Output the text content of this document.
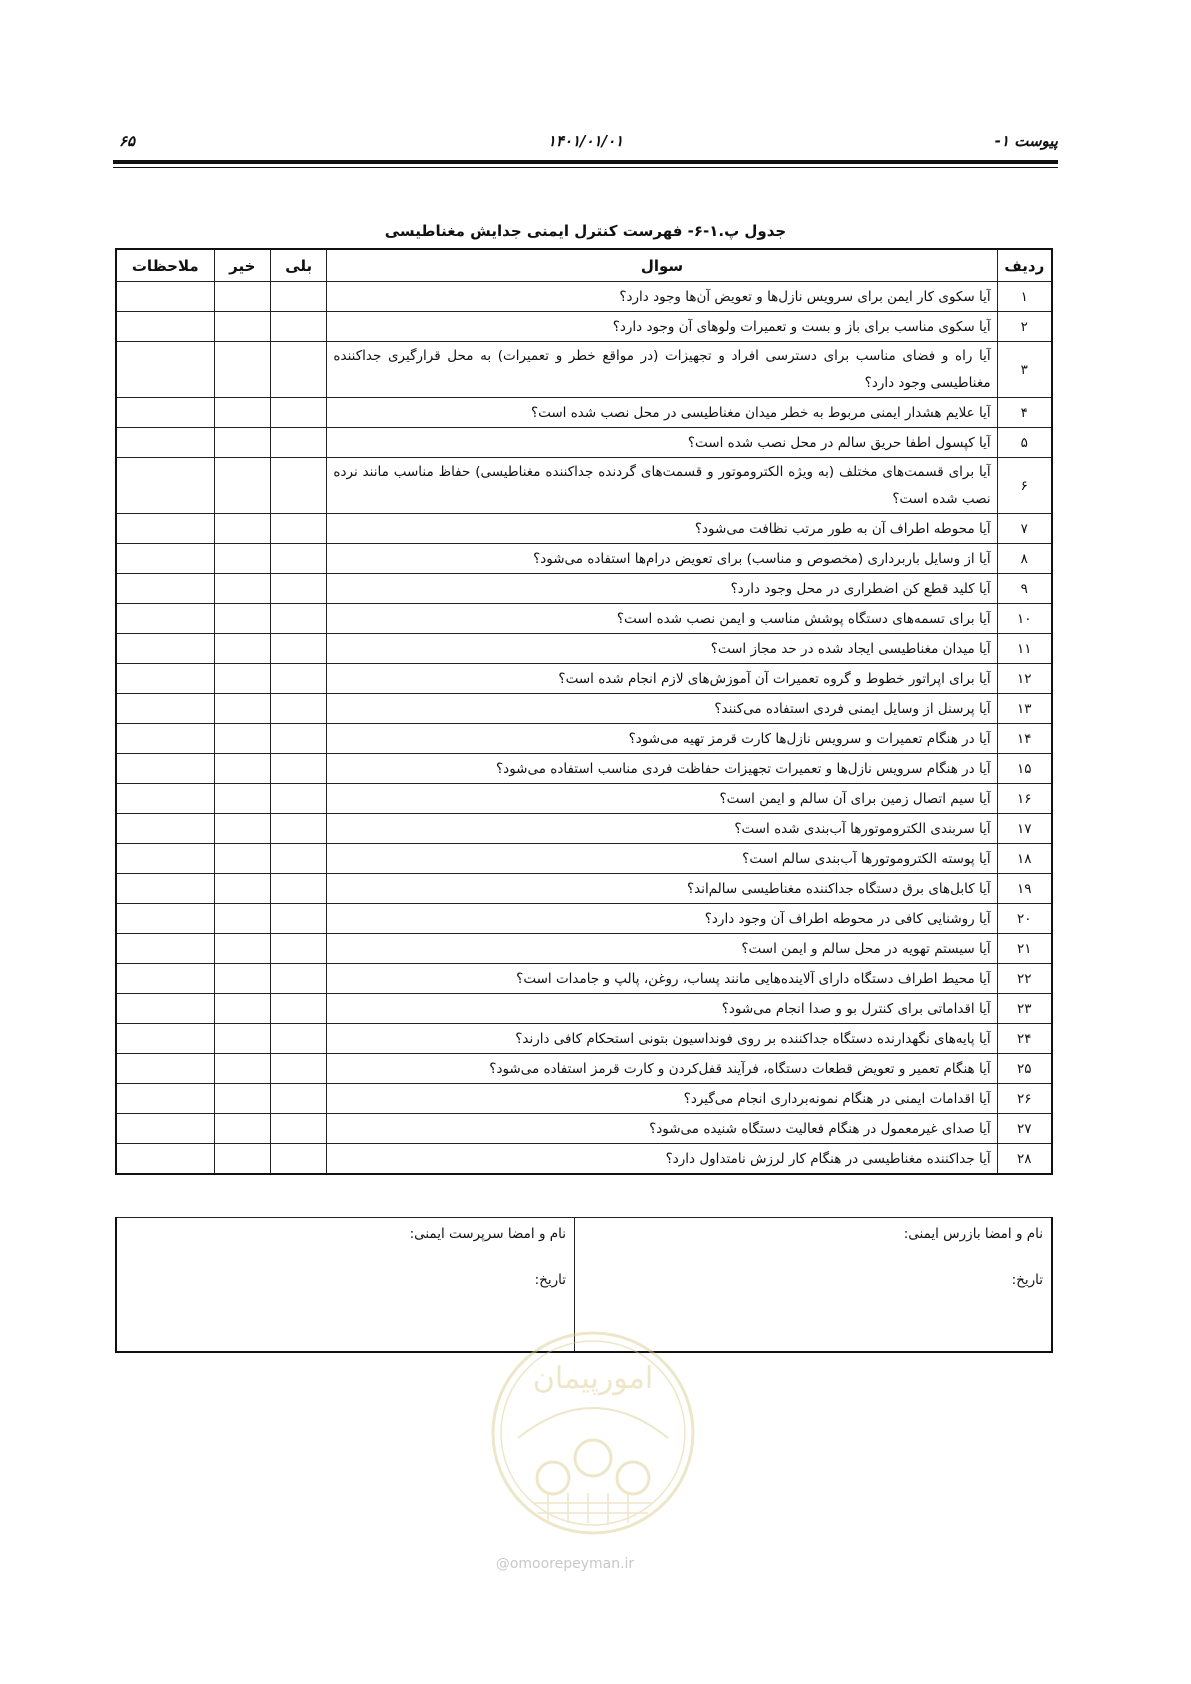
۶۵	۱۴۰۱/۰۱/۰۱	پیوست ۱-
جدول پ.۱-۶- فهرست کنترل ایمنی جدایش مغناطیسی
ردیف	سوال	بلی	خیر	ملاحظات
۱	آیا سکوی کار ایمن برای سرویس نازل‌ها و تعویض آن‌ها وجود دارد؟			
۲	آیا سکوی مناسب برای باز و بست و تعمیرات ولوهای آن وجود دارد؟			
۳	آیا راه و فضای مناسب برای دسترسی افراد و تجهیزات (در مواقع خطر و تعمیرات) به محل قرارگیری جداکننده مغناطیسی وجود دارد؟			
۴	آیا علایم هشدار ایمنی مربوط به خطر میدان مغناطیسی در محل نصب شده است؟			
۵	آیا کپسول اطفا حریق سالم در محل نصب شده است؟			
۶	آیا برای قسمت‌های مختلف (به ویژه الکتروموتور و قسمت‌های گردنده جداکننده مغناطیسی) حفاظ مناسب مانند نرده نصب شده است؟			
۷	آیا محوطه اطراف آن به طور مرتب نظافت می‌شود؟			
۸	آیا از وسایل باربرداری (مخصوص و مناسب) برای تعویض درام‌ها استفاده می‌شود؟			
۹	آیا کلید قطع کن اضطراری در محل وجود دارد؟			
۱۰	آیا برای تسمه‌های دستگاه پوشش مناسب و ایمن نصب شده است؟			
۱۱	آیا میدان مغناطیسی ایجاد شده در حد مجاز است؟			
۱۲	آیا برای اپراتور خطوط و گروه تعمیرات آن آموزش‌های لازم انجام شده است؟			
۱۳	آیا پرسنل از وسایل ایمنی فردی استفاده می‌کنند؟			
۱۴	آیا در هنگام تعمیرات و سرویس نازل‌ها کارت قرمز تهیه می‌شود؟			
۱۵	آیا در هنگام سرویس نازل‌ها و تعمیرات تجهیزات حفاظت فردی مناسب استفاده می‌شود؟			
۱۶	آیا سیم اتصال زمین برای آن سالم و ایمن است؟			
۱۷	آیا سربندی الکتروموتورها آب‌بندی شده است؟			
۱۸	آیا پوسته الکتروموتورها آب‌بندی سالم است؟			
۱۹	آیا کابل‌های برق دستگاه جداکننده مغناطیسی سالم‌اند؟			
۲۰	آیا روشنایی کافی در محوطه اطراف آن وجود دارد؟			
۲۱	آیا سیستم تهویه در محل سالم و ایمن است؟			
۲۲	آیا محیط اطراف دستگاه دارای آلاینده‌هایی مانند پساب، روغن، پالپ و جامدات است؟			
۲۳	آیا اقداماتی برای کنترل بو و صدا انجام می‌شود؟			
۲۴	آیا پایه‌های نگهدارنده دستگاه جداکننده بر روی فونداسیون بتونی استحکام کافی دارند؟			
۲۵	آیا هنگام تعمیر و تعویض قطعات دستگاه، فرآیند قفل‌کردن و کارت قرمز استفاده می‌شود؟			
۲۶	آیا اقدامات ایمنی در هنگام نمونه‌برداری انجام می‌گیرد؟			
۲۷	آیا صدای غیرمعمول در هنگام فعالیت دستگاه شنیده می‌شود؟			
۲۸	آیا جداکننده مغناطیسی در هنگام کار لرزش نامتداول دارد؟			
نام و امضا بازرس ایمنی:
تاریخ:

نام و امضا سرپرست ایمنی:
تاریخ:
امورپیمان
@omoorepeyman.ir
